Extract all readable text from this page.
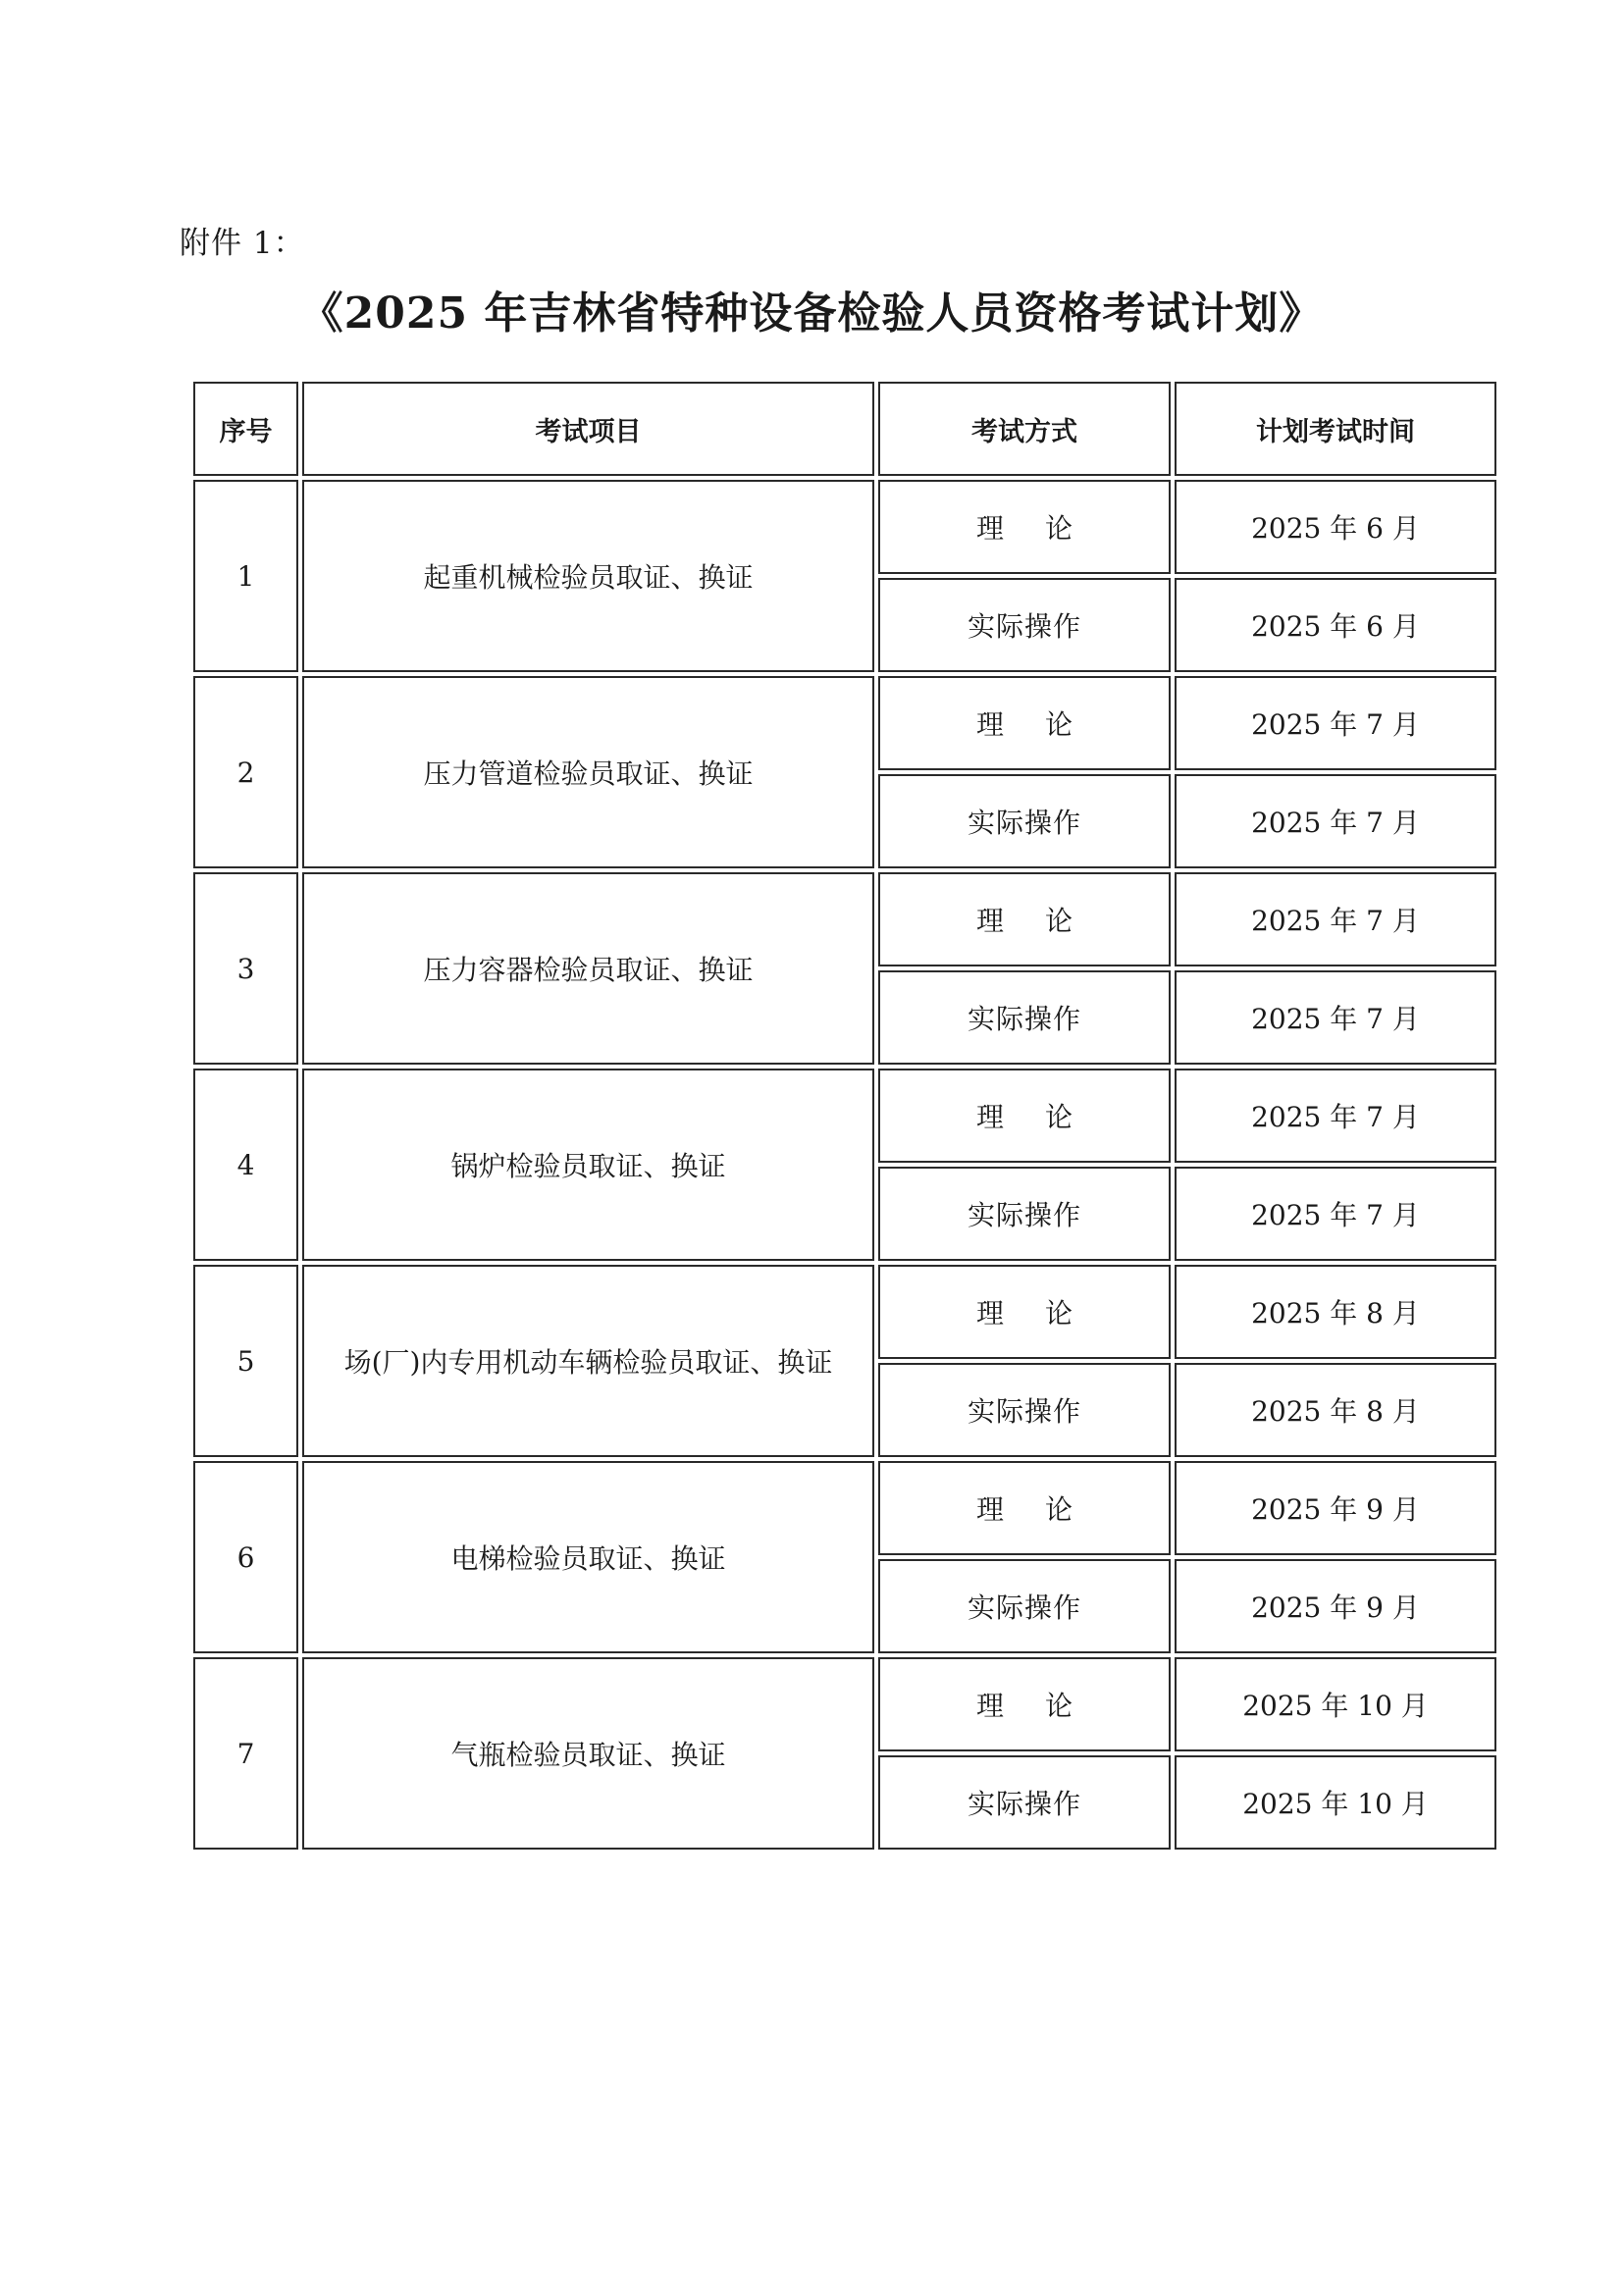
附件 1：
《2025 年吉林省特种设备检验人员资格考试计划》
序号	考试项目	考试方式	计划考试时间
1	起重机械检验员取证、换证	理论	2025 年 6 月
		实际操作	2025 年 6 月
2	压力管道检验员取证、换证	理论	2025 年 7 月
		实际操作	2025 年 7 月
3	压力容器检验员取证、换证	理论	2025 年 7 月
		实际操作	2025 年 7 月
4	锅炉检验员取证、换证	理论	2025 年 7 月
		实际操作	2025 年 7 月
5	场(厂)内专用机动车辆检验员取证、换证	理论	2025 年 8 月
		实际操作	2025 年 8 月
6	电梯检验员取证、换证	理论	2025 年 9 月
		实际操作	2025 年 9 月
7	气瓶检验员取证、换证	理论	2025 年 10 月
		实际操作	2025 年 10 月
